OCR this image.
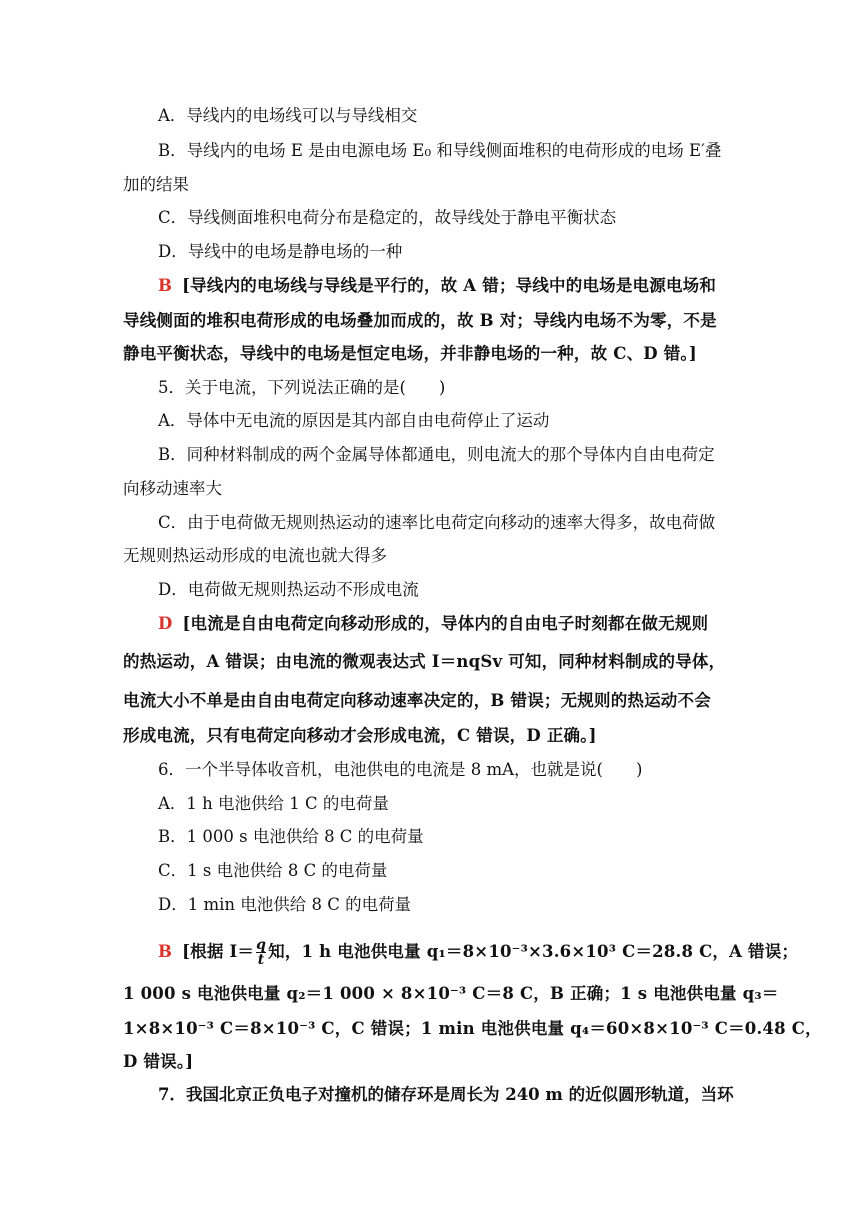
A．导线内的电场线可以与导线相交
B．导线内的电场 E 是由电源电场 E₀ 和导线侧面堆积的电荷形成的电场 E′叠
加的结果
C．导线侧面堆积电荷分布是稳定的，故导线处于静电平衡状态
D．导线中的电场是静电场的一种
B [导线内的电场线与导线是平行的，故 A 错；导线中的电场是电源电场和
导线侧面的堆积电荷形成的电场叠加而成的，故 B 对；导线内电场不为零，不是
静电平衡状态，导线中的电场是恒定电场，并非静电场的一种，故 C、D 错。]
5．关于电流，下列说法正确的是(　　)
A．导体中无电流的原因是其内部自由电荷停止了运动
B．同种材料制成的两个金属导体都通电，则电流大的那个导体内自由电荷定
向移动速率大
C．由于电荷做无规则热运动的速率比电荷定向移动的速率大得多，故电荷做
无规则热运动形成的电流也就大得多
D．电荷做无规则热运动不形成电流
D [电流是自由电荷定向移动形成的，导体内的自由电子时刻都在做无规则
的热运动，A 错误；由电流的微观表达式 I＝nqSv 可知，同种材料制成的导体，
电流大小不单是由自由电荷定向移动速率决定的，B 错误；无规则的热运动不会
形成电流，只有电荷定向移动才会形成电流，C 错误，D 正确。]
6．一个半导体收音机，电池供电的电流是 8 mA，也就是说(　　)
A．1 h 电池供给 1 C 的电荷量
B．1 000 s 电池供给 8 C 的电荷量
C．1 s 电池供给 8 C 的电荷量
D．1 min 电池供给 8 C 的电荷量
B [根据 $I= \frac{q}{t}$ 知，1 h 电池供电量 q₁＝8×10⁻³×3.6×10³ C＝28.8 C，A 错误；
1 000 s 电池供电量 q₂＝1 000 × 8×10⁻³ C＝8 C，B 正确；1 s 电池供电量 q₃＝
1×8×10⁻³ C＝8×10⁻³ C，C 错误；1 min 电池供电量 q₄＝60×8×10⁻³ C＝0.48 C，
D 错误。]
7．我国北京正负电子对撞机的储存环是周长为 240 m 的近似圆形轨道，当环
